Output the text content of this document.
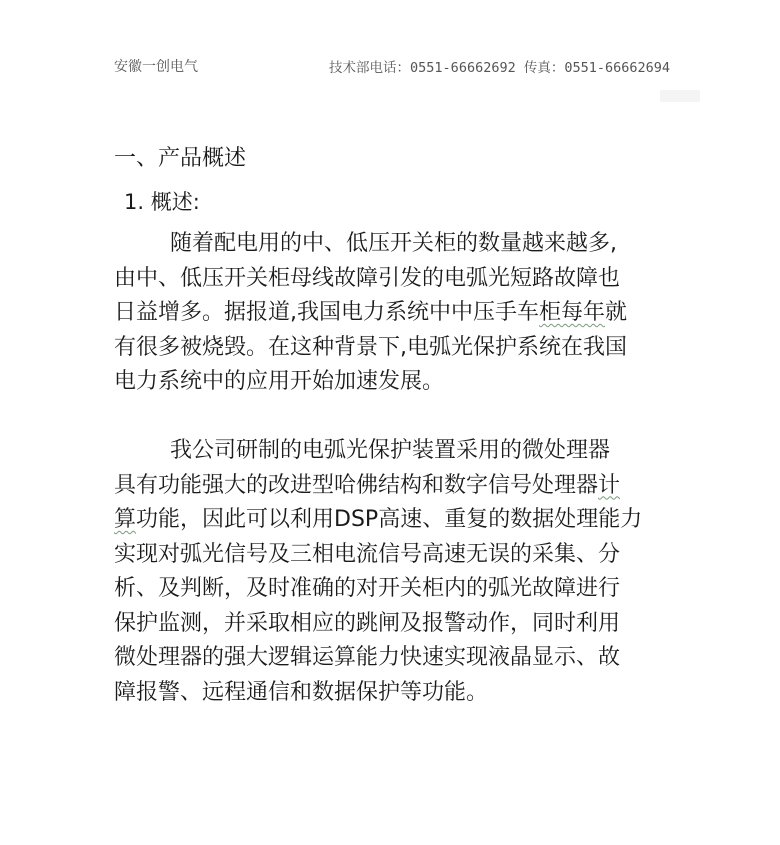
安徽一创电气	技术部电话：0551-66662692 传真：0551-66662694
一、产品概述
1. 概述:
随着配电用的中、低压开关柜的数量越来越多,
由中、低压开关柜母线故障引发的电弧光短路故障也
日益增多。据报道,我国电力系统中中压手车柜每年就
有很多被烧毁。在这种背景下,电弧光保护系统在我国
电力系统中的应用开始加速发展。
我公司研制的电弧光保护装置采用的微处理器
具有功能强大的改进型哈佛结构和数字信号处理器计
算功能，因此可以利用DSP高速、重复的数据处理能力
实现对弧光信号及三相电流信号高速无误的采集、分
析、及判断，及时准确的对开关柜内的弧光故障进行
保护监测，并采取相应的跳闸及报警动作，同时利用
微处理器的强大逻辑运算能力快速实现液晶显示、故
障报警、远程通信和数据保护等功能。
